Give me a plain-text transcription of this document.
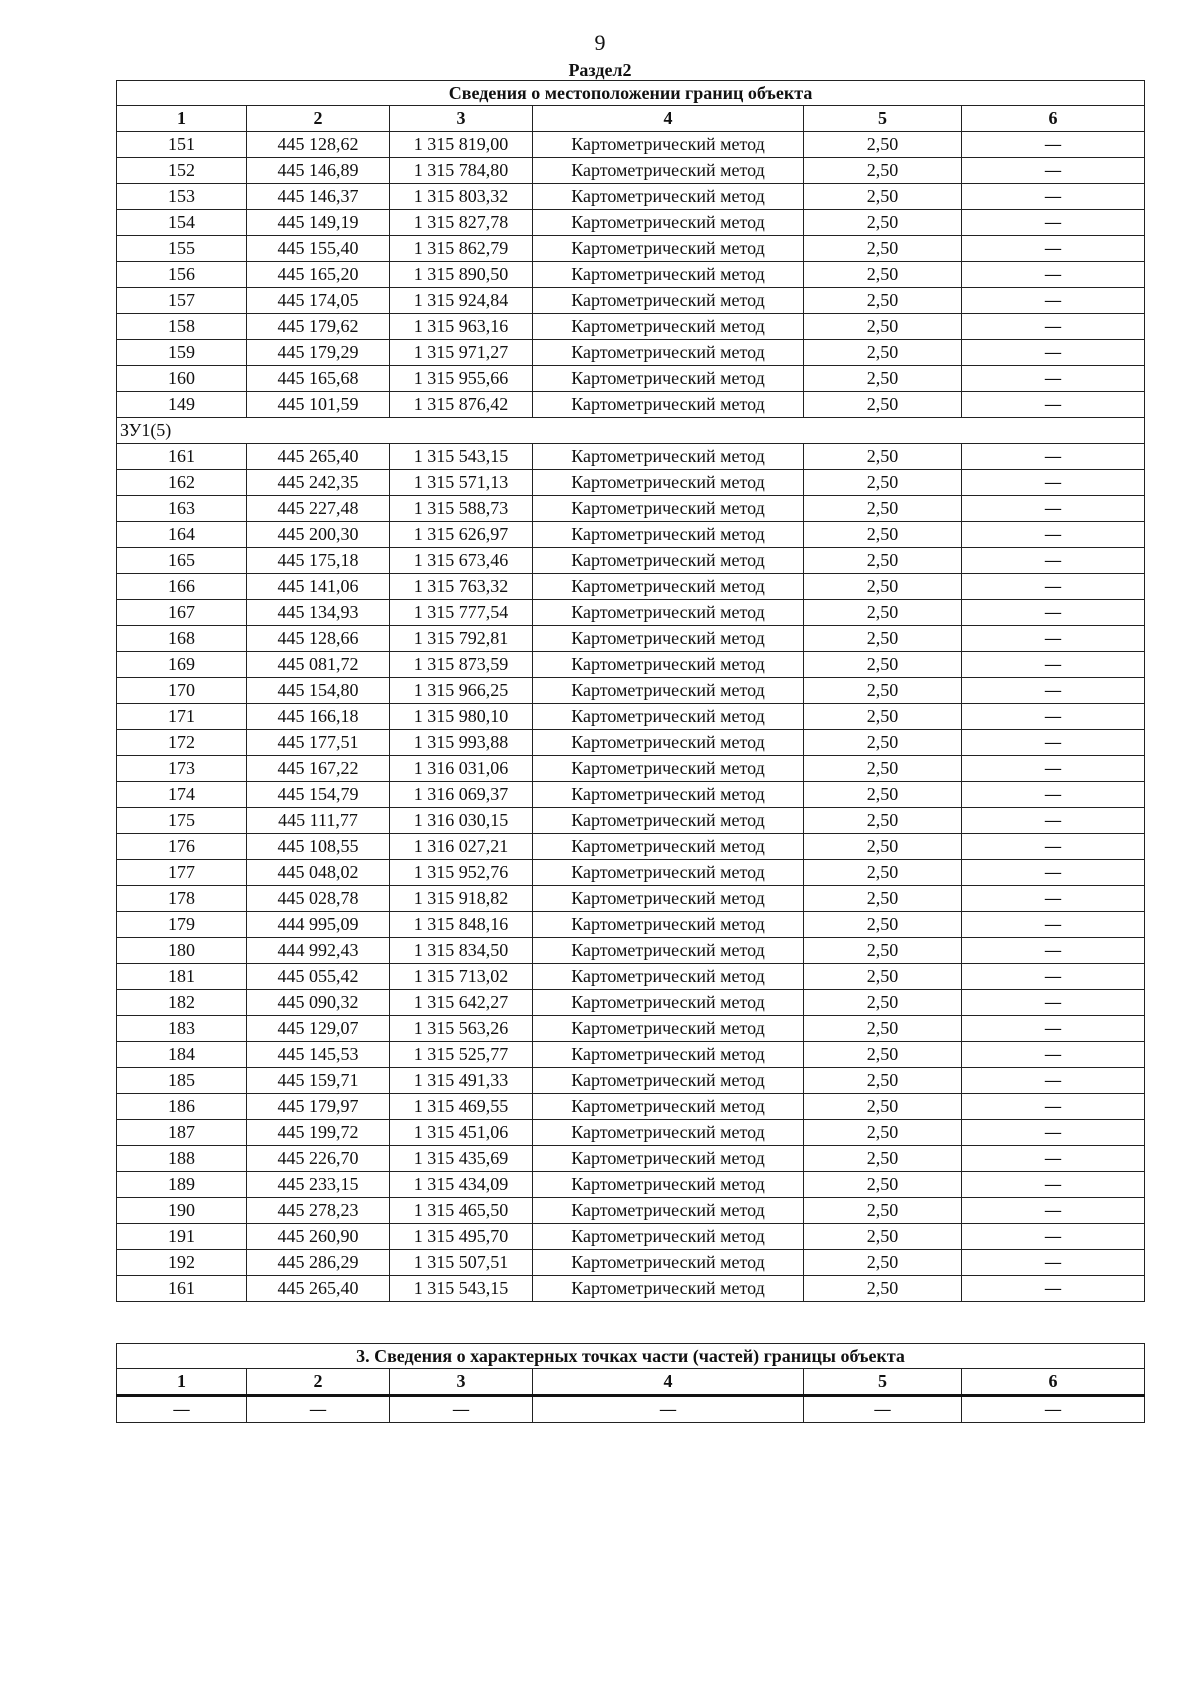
9
Раздел2
Сведения о местоположении границ объекта					
1	2	3	4	5	6
151	445 128,62	1 315 819,00	Картометрический метод	2,50	—
152	445 146,89	1 315 784,80	Картометрический метод	2,50	—
153	445 146,37	1 315 803,32	Картометрический метод	2,50	—
154	445 149,19	1 315 827,78	Картометрический метод	2,50	—
155	445 155,40	1 315 862,79	Картометрический метод	2,50	—
156	445 165,20	1 315 890,50	Картометрический метод	2,50	—
157	445 174,05	1 315 924,84	Картометрический метод	2,50	—
158	445 179,62	1 315 963,16	Картометрический метод	2,50	—
159	445 179,29	1 315 971,27	Картометрический метод	2,50	—
160	445 165,68	1 315 955,66	Картометрический метод	2,50	—
149	445 101,59	1 315 876,42	Картометрический метод	2,50	—
ЗУ1(5)					
161	445 265,40	1 315 543,15	Картометрический метод	2,50	—
162	445 242,35	1 315 571,13	Картометрический метод	2,50	—
163	445 227,48	1 315 588,73	Картометрический метод	2,50	—
164	445 200,30	1 315 626,97	Картометрический метод	2,50	—
165	445 175,18	1 315 673,46	Картометрический метод	2,50	—
166	445 141,06	1 315 763,32	Картометрический метод	2,50	—
167	445 134,93	1 315 777,54	Картометрический метод	2,50	—
168	445 128,66	1 315 792,81	Картометрический метод	2,50	—
169	445 081,72	1 315 873,59	Картометрический метод	2,50	—
170	445 154,80	1 315 966,25	Картометрический метод	2,50	—
171	445 166,18	1 315 980,10	Картометрический метод	2,50	—
172	445 177,51	1 315 993,88	Картометрический метод	2,50	—
173	445 167,22	1 316 031,06	Картометрический метод	2,50	—
174	445 154,79	1 316 069,37	Картометрический метод	2,50	—
175	445 111,77	1 316 030,15	Картометрический метод	2,50	—
176	445 108,55	1 316 027,21	Картометрический метод	2,50	—
177	445 048,02	1 315 952,76	Картометрический метод	2,50	—
178	445 028,78	1 315 918,82	Картометрический метод	2,50	—
179	444 995,09	1 315 848,16	Картометрический метод	2,50	—
180	444 992,43	1 315 834,50	Картометрический метод	2,50	—
181	445 055,42	1 315 713,02	Картометрический метод	2,50	—
182	445 090,32	1 315 642,27	Картометрический метод	2,50	—
183	445 129,07	1 315 563,26	Картометрический метод	2,50	—
184	445 145,53	1 315 525,77	Картометрический метод	2,50	—
185	445 159,71	1 315 491,33	Картометрический метод	2,50	—
186	445 179,97	1 315 469,55	Картометрический метод	2,50	—
187	445 199,72	1 315 451,06	Картометрический метод	2,50	—
188	445 226,70	1 315 435,69	Картометрический метод	2,50	—
189	445 233,15	1 315 434,09	Картометрический метод	2,50	—
190	445 278,23	1 315 465,50	Картометрический метод	2,50	—
191	445 260,90	1 315 495,70	Картометрический метод	2,50	—
192	445 286,29	1 315 507,51	Картометрический метод	2,50	—
161	445 265,40	1 315 543,15	Картометрический метод	2,50	—
3. Сведения о характерных точках части (частей) границы объекта					
1	2	3	4	5	6
—	—	—	—	—	—
